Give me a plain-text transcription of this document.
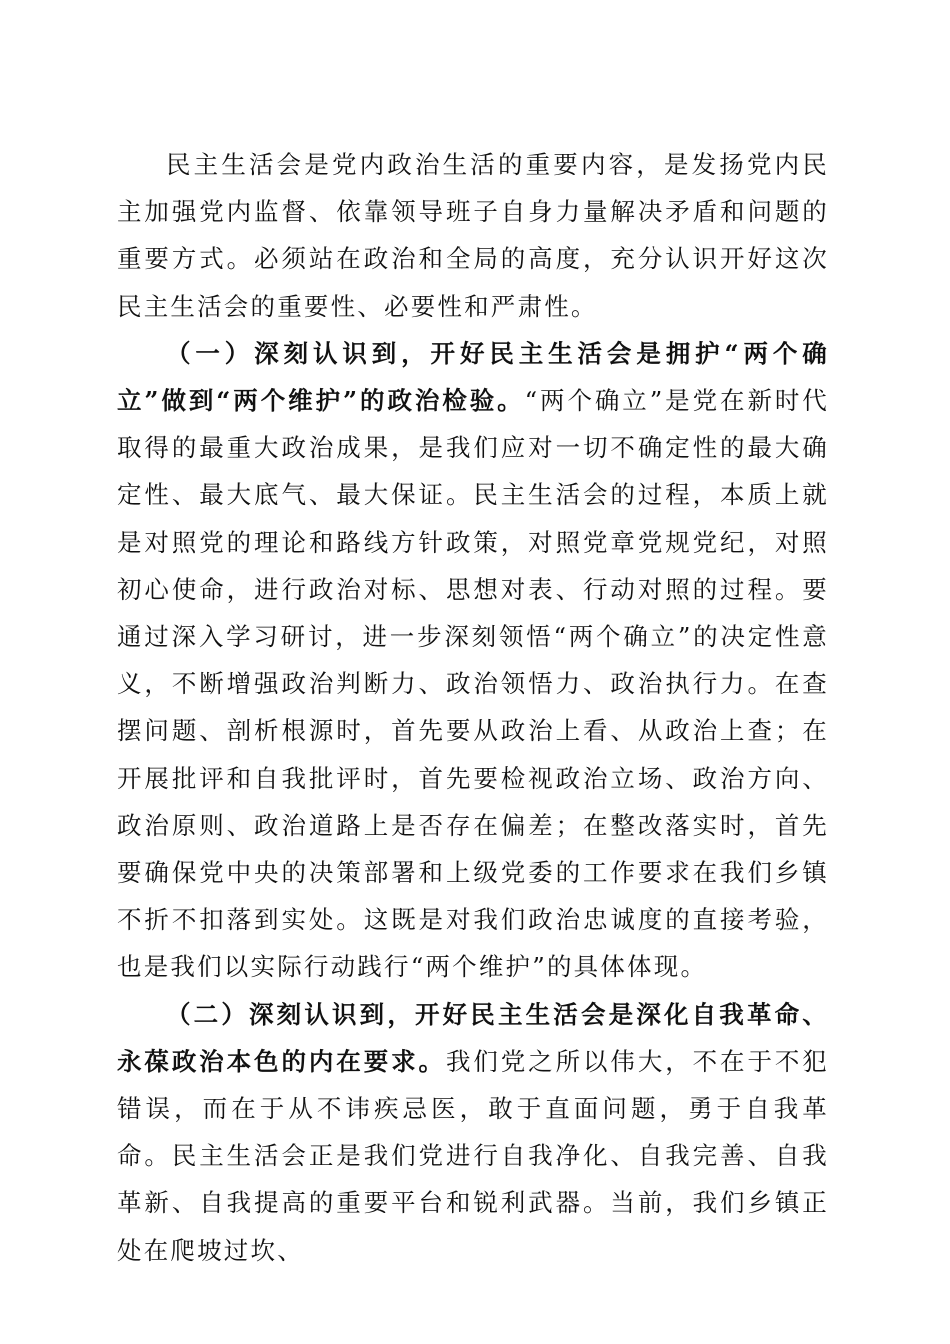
民主生活会是党内政治生活的重要内容，是发扬党内民主加强党内监督、依靠领导班子自身力量解决矛盾和问题的重要方式。必须站在政治和全局的高度，充分认识开好这次民主生活会的重要性、必要性和严肃性。

（一）深刻认识到，开好民主生活会是拥护“两个确立”做到“两个维护”的政治检验。“两个确立”是党在新时代取得的最重大政治成果，是我们应对一切不确定性的最大确定性、最大底气、最大保证。民主生活会的过程，本质上就是对照党的理论和路线方针政策，对照党章党规党纪，对照初心使命，进行政治对标、思想对表、行动对照的过程。要通过深入学习研讨，进一步深刻领悟“两个确立”的决定性意义，不断增强政治判断力、政治领悟力、政治执行力。在查摆问题、剖析根源时，首先要从政治上看、从政治上查；在开展批评和自我批评时，首先要检视政治立场、政治方向、政治原则、政治道路上是否存在偏差；在整改落实时，首先要确保党中央的决策部署和上级党委的工作要求在我们乡镇不折不扣落到实处。这既是对我们政治忠诚度的直接考验，也是我们以实际行动践行“两个维护”的具体体现。

（二）深刻认识到，开好民主生活会是深化自我革命、永葆政治本色的内在要求。我们党之所以伟大，不在于不犯错误，而在于从不讳疾忌医，敢于直面问题，勇于自我革命。民主生活会正是我们党进行自我净化、自我完善、自我革新、自我提高的重要平台和锐利武器。当前，我们乡镇正处在爬坡过坎、
